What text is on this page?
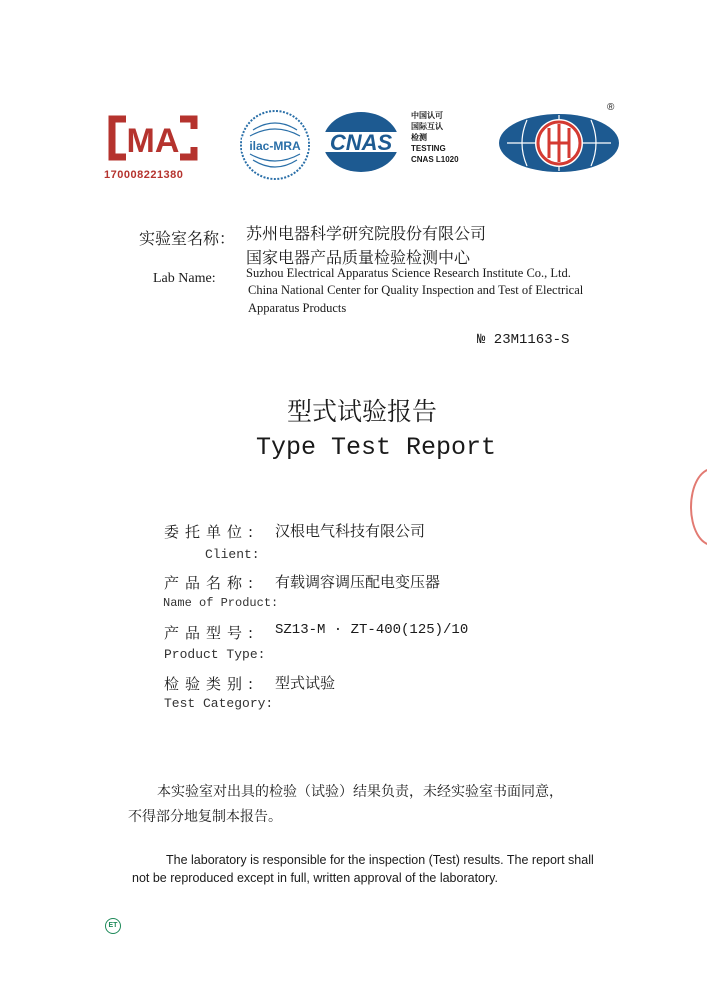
MA
170008221380
ilac-MRA CNAS
中国认可
国际互认
检测
TESTING
CNAS L1020
®
实验室名称： 苏州电器科学研究院股份有限公司
国家电器产品质量检验检测中心
Lab Name: Suzhou Electrical Apparatus Science Research Institute Co., Ltd.
China National Center for Quality Inspection and Test of Electrical
Apparatus Products
№ 23M1163-S
型式试验报告
Type Test Report
委托单位: 汉根电气科技有限公司
Client:
产品名称: 有载调容调压配电变压器
Name of Product:
产品型号: SZ13-M · ZT-400(125)/10
Product Type:
检验类别: 型式试验
Test Category:
本实验室对出具的检验（试验）结果负责，未经实验室书面同意，
不得部分地复制本报告。
The laboratory is responsible for the inspection (Test) results. The report shall
not be reproduced except in full, written approval of the laboratory.
ET
